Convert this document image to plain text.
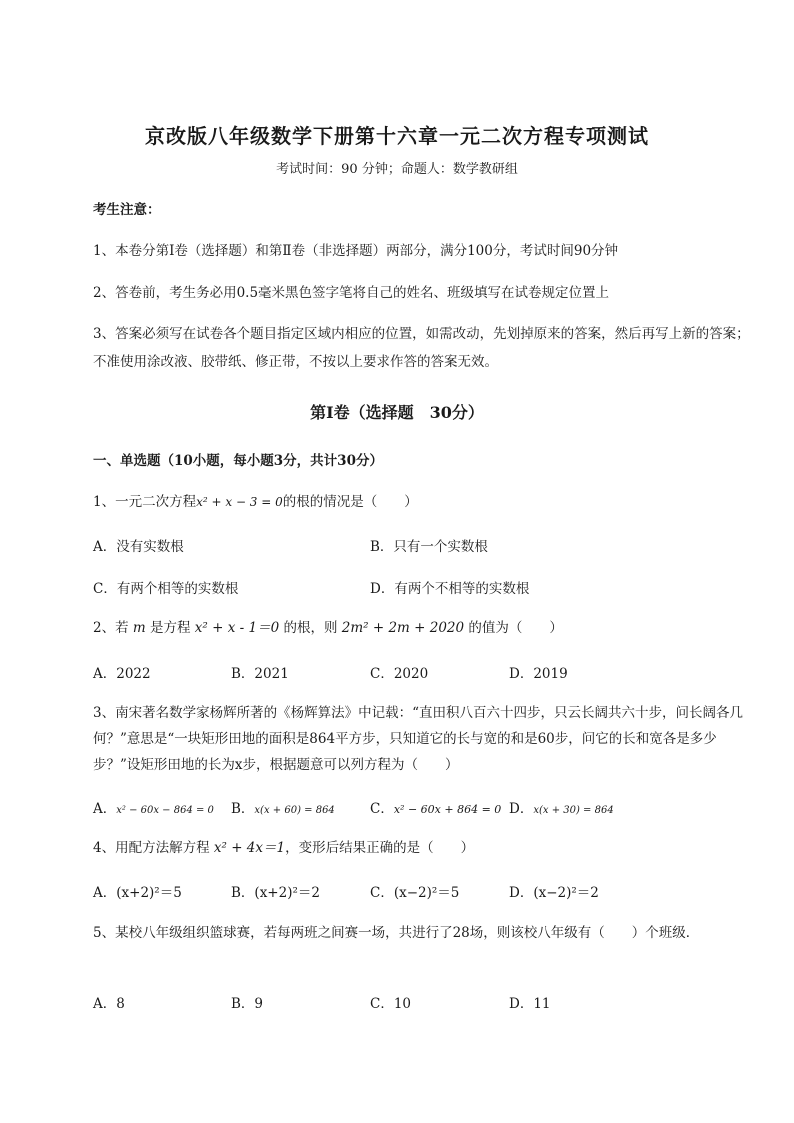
京改版八年级数学下册第十六章一元二次方程专项测试
考试时间：90 分钟；命题人：数学教研组
考生注意：
1、本卷分第Ⅰ卷（选择题）和第Ⅱ卷（非选择题）两部分，满分100分，考试时间90分钟
2、答卷前，考生务必用0.5毫米黑色签字笔将自己的姓名、班级填写在试卷规定位置上
3、答案必须写在试卷各个题目指定区域内相应的位置，如需改动，先划掉原来的答案，然后再写上新的答案；不准使用涂改液、胶带纸、修正带，不按以上要求作答的答案无效。
第Ⅰ卷（选择题　30分）
一、单选题（10小题，每小题3分，共计30分）
1、一元二次方程x² + x − 3 = 0的根的情况是（　　）
A．没有实数根	B．只有一个实数根
C．有两个相等的实数根	D．有两个不相等的实数根
2、若 m 是方程 x² + x - 1＝0 的根，则 2m² + 2m + 2020 的值为（　　）
A．2022	B．2021	C．2020	D．2019
3、南宋著名数学家杨辉所著的《杨辉算法》中记载：“直田积八百六十四步，只云长阔共六十步，问长阔各几何？”意思是“一块矩形田地的面积是864平方步，只知道它的长与宽的和是60步，问它的长和宽各是多少步？”设矩形田地的长为x步，根据题意可以列方程为（　　）
A．x² − 60x − 864 = 0 B．x(x + 60) = 864	C．x² − 60x + 864 = 0 D．x(x + 30) = 864
4、用配方法解方程 x² + 4x＝1，变形后结果正确的是（　　）
A．(x+2)²＝5	B．(x+2)²＝2	C．(x−2)²＝5	D．(x−2)²＝2
5、某校八年级组织篮球赛，若每两班之间赛一场，共进行了28场，则该校八年级有（　　）个班级．
A．8	B．9	C．10	D．11
